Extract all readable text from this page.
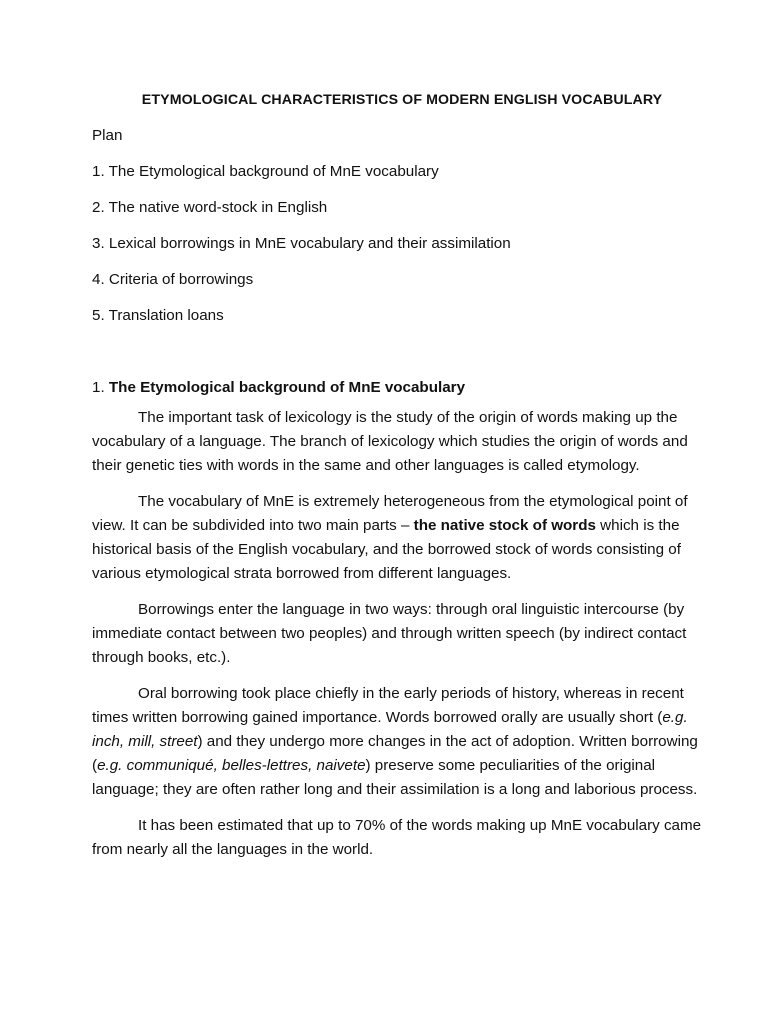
ETYMOLOGICAL CHARACTERISTICS OF MODERN ENGLISH VOCABULARY
Plan
1. The Etymological background of MnE vocabulary
2. The native word-stock in English
3. Lexical borrowings in MnE vocabulary and their assimilation
4. Criteria of borrowings
5. Translation loans
1. The Etymological background of MnE vocabulary

The important task of lexicology is the study of the origin of words making up the vocabulary of a language. The branch of lexicology which studies the origin of words and their genetic ties with words in the same and other languages is called etymology.

The vocabulary of MnE is extremely heterogeneous from the etymological point of view. It can be subdivided into two main parts – the native stock of words which is the historical basis of the English vocabulary, and the borrowed stock of words consisting of various etymological strata borrowed from different languages.

Borrowings enter the language in two ways: through oral linguistic intercourse (by immediate contact between two peoples) and through written speech (by indirect contact through books, etc.).

Oral borrowing took place chiefly in the early periods of history, whereas in recent times written borrowing gained importance. Words borrowed orally are usually short (e.g. inch, mill, street) and they undergo more changes in the act of adoption. Written borrowing (e.g. communiqué, belles-lettres, naivete) preserve some peculiarities of the original language; they are often rather long and their assimilation is a long and laborious process.

It has been estimated that up to 70% of the words making up MnE vocabulary came from nearly all the languages in the world.
